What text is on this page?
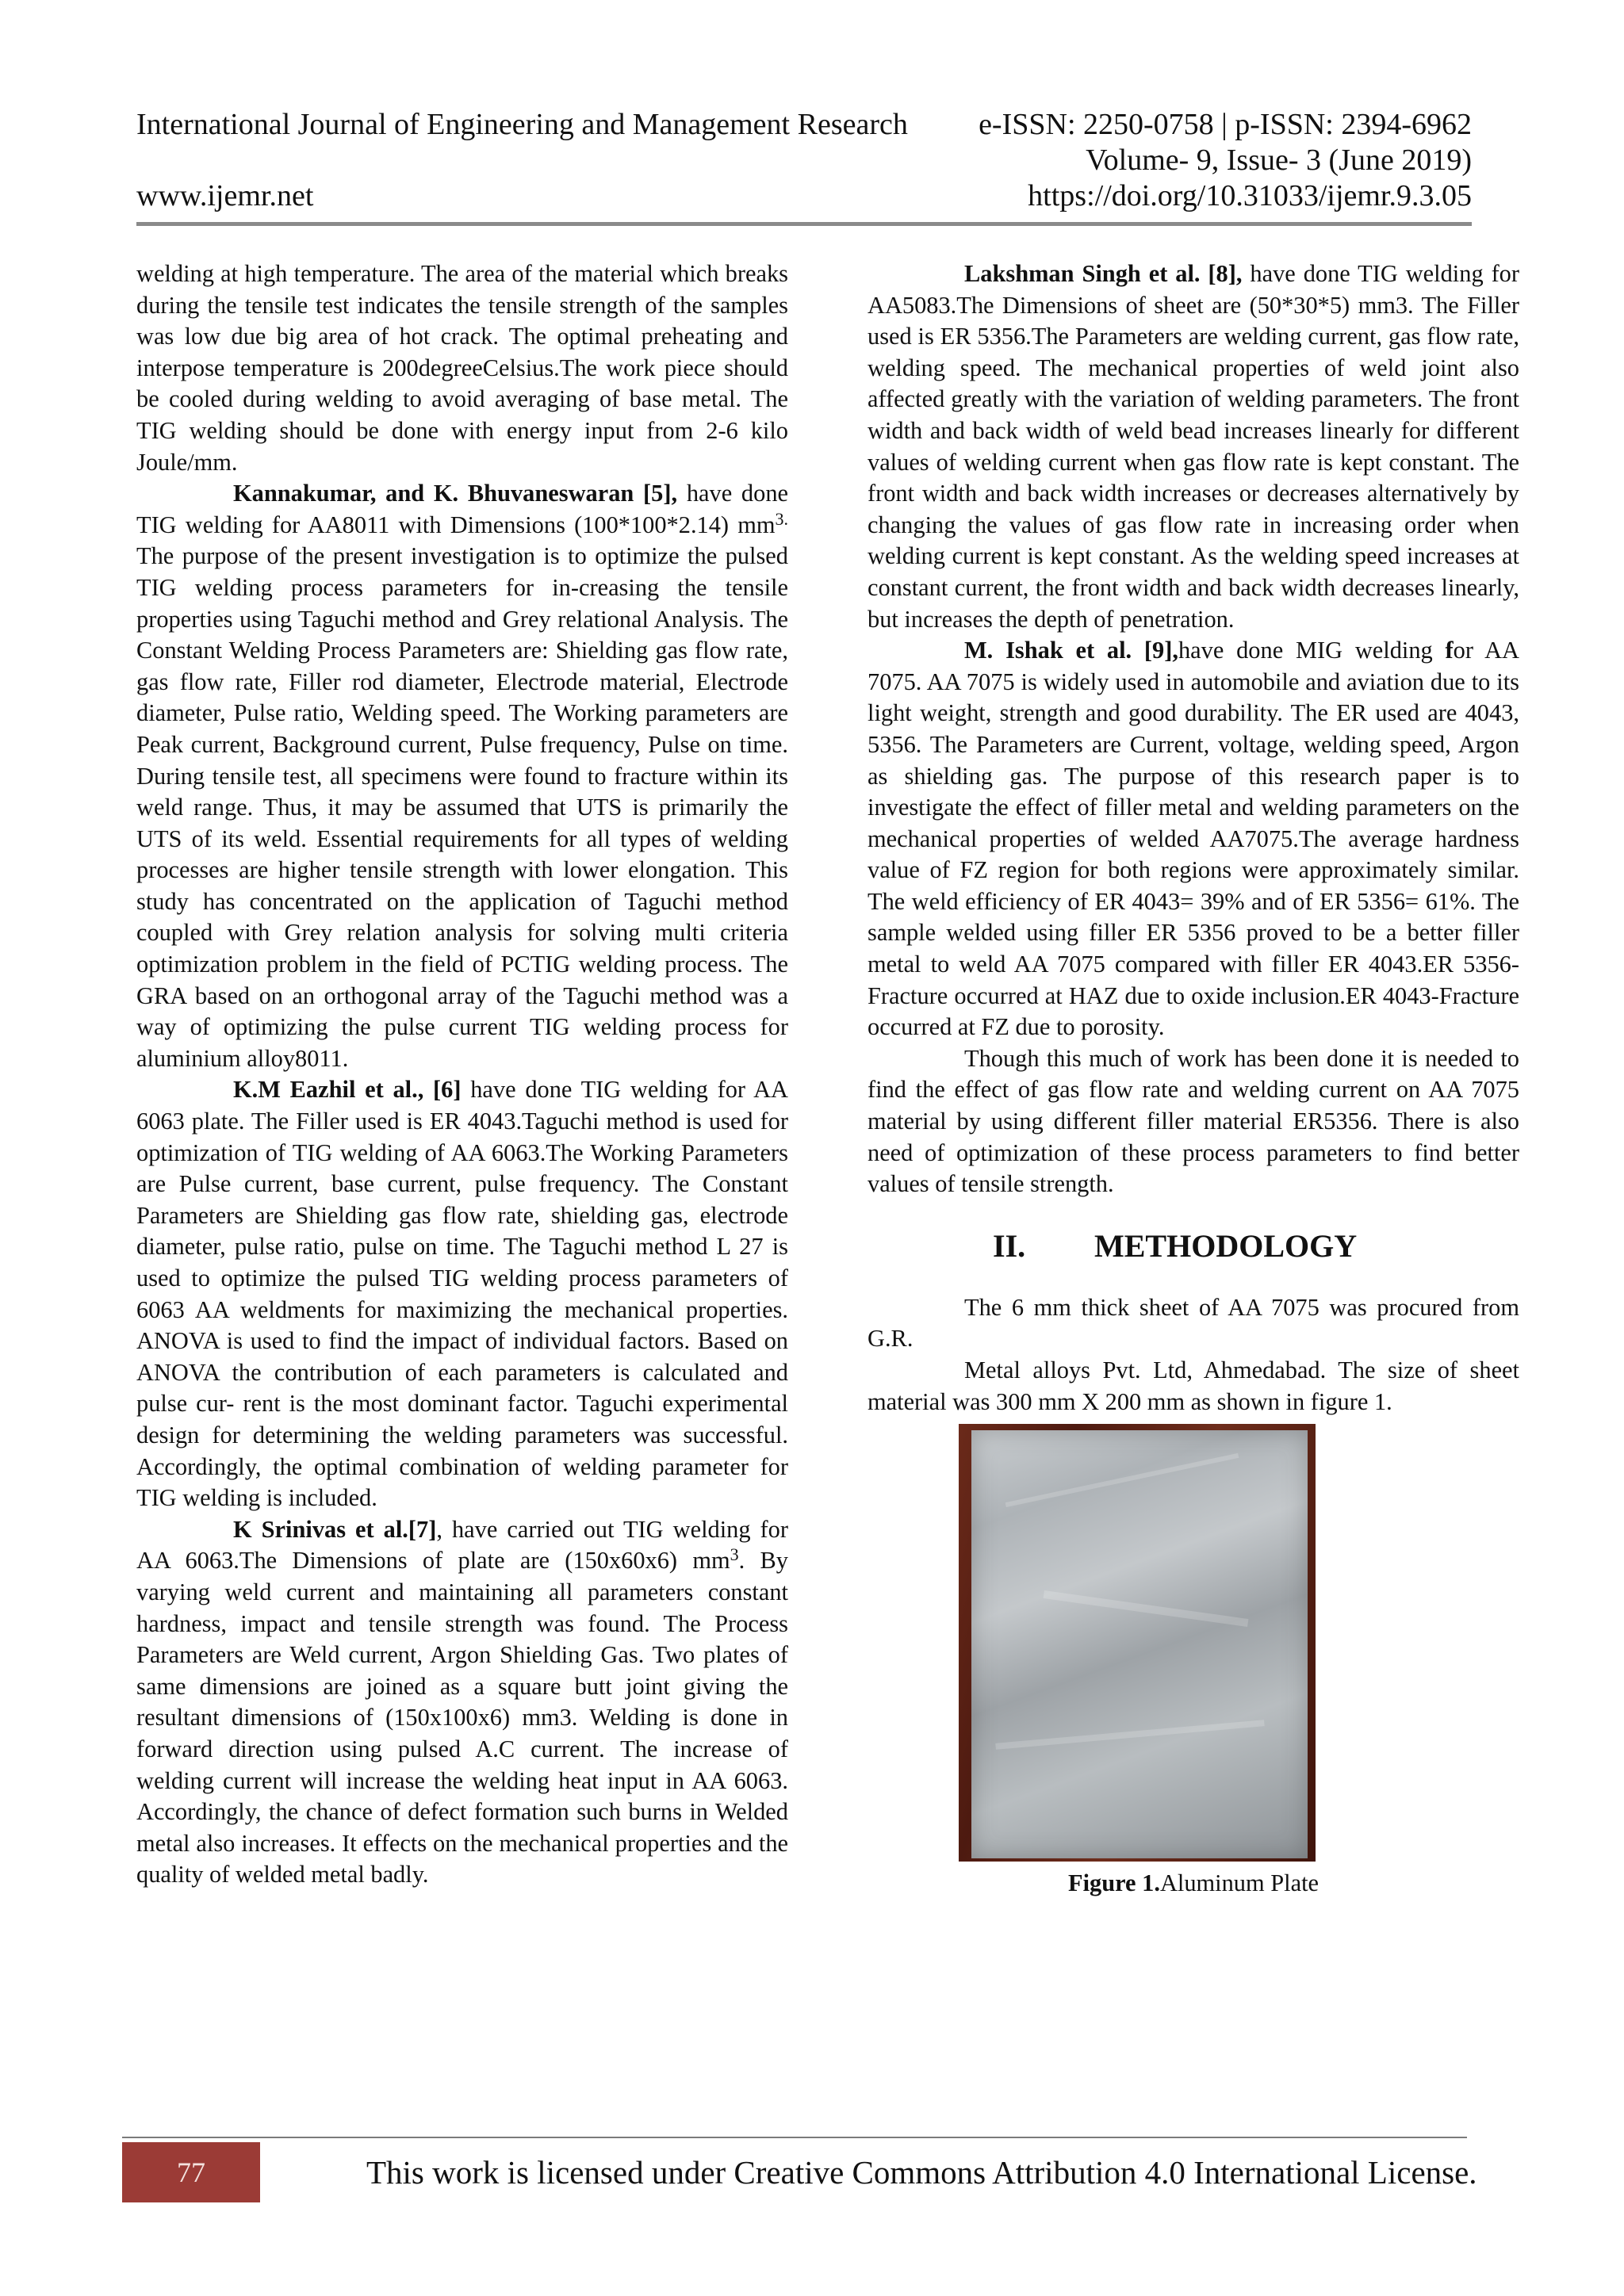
International Journal of Engineering and Management Research e-ISSN: 2250-0758 | p-ISSN: 2394-6962
Volume- 9, Issue- 3 (June 2019)
www.ijemr.net	https://doi.org/10.31033/ijemr.9.3.05

welding at high temperature. The area of the material which breaks during the tensile test indicates the tensile strength of the samples was low due big area of hot crack. The optimal preheating and interpose temperature is 200degreeCelsius.The work piece should be cooled during welding to avoid averaging of base metal. The TIG welding should be done with energy input from 2-6 kilo Joule/mm.

Kannakumar, and K. Bhuvaneswaran [5], have done TIG welding for AA8011 with Dimensions (100*100*2.14) $mm^{3.}$ The purpose of the present investigation is to optimize the pulsed TIG welding process parameters for in-creasing the tensile properties using Taguchi method and Grey relational Analysis. The Constant Welding Process Parameters are: Shielding gas flow rate, gas flow rate, Filler rod diameter, Electrode material, Electrode diameter, Pulse ratio, Welding speed. The Working parameters are Peak current, Background current, Pulse frequency, Pulse on time. During tensile test, all specimens were found to fracture within its weld range. Thus, it may be assumed that UTS is primarily the UTS of its weld. Essential requirements for all types of welding processes are higher tensile strength with lower elongation. This study has concentrated on the application of Taguchi method coupled with Grey relation analysis for solving multi criteria optimization problem in the field of PCTIG welding process. The GRA based on an orthogonal array of the Taguchi method was a way of optimizing the pulse current TIG welding process for aluminium alloy8011.

K.M Eazhil et al., [6] have done TIG welding for AA 6063 plate. The Filler used is ER 4043.Taguchi method is used for optimization of TIG welding of AA 6063.The Working Parameters are Pulse current, base current, pulse frequency. The Constant Parameters are Shielding gas flow rate, shielding gas, electrode diameter, pulse ratio, pulse on time. The Taguchi method L 27 is used to optimize the pulsed TIG welding process parameters of 6063 AA weldments for maximizing the mechanical properties. ANOVA is used to find the impact of individual factors. Based on ANOVA the contribution of each parameters is calculated and pulse cur- rent is the most dominant factor. Taguchi experimental design for determining the welding parameters was successful. Accordingly, the optimal combination of welding parameter for TIG welding is included.

K Srinivas et al.[7], have carried out TIG welding for AA 6063.The Dimensions of plate are (150x60x6) $mm^3$. By varying weld current and maintaining all parameters constant hardness, impact and tensile strength was found. The Process Parameters are Weld current, Argon Shielding Gas. Two plates of same dimensions are joined as a square butt joint giving the resultant dimensions of (150x100x6) mm3. Welding is done in forward direction using pulsed A.C current. The increase of welding current will increase the welding heat input in AA 6063. Accordingly, the chance of defect formation such burns in Welded metal also increases. It effects on the mechanical properties and the quality of welded metal badly.

Lakshman Singh et al. [8], have done TIG welding for AA5083.The Dimensions of sheet are (50*30*5) mm3. The Filler used is ER 5356.The Parameters are welding current, gas flow rate, welding speed. The mechanical properties of weld joint also affected greatly with the variation of welding parameters. The front width and back width of weld bead increases linearly for different values of welding current when gas flow rate is kept constant. The front width and back width increases or decreases alternatively by changing the values of gas flow rate in increasing order when welding current is kept constant. As the welding speed increases at constant current, the front width and back width decreases linearly, but increases the depth of penetration.

M. Ishak et al. [9],have done MIG welding for AA 7075. AA 7075 is widely used in automobile and aviation due to its light weight, strength and good durability. The ER used are 4043, 5356. The Parameters are Current, voltage, welding speed, Argon as shielding gas. The purpose of this research paper is to investigate the effect of filler metal and welding parameters on the mechanical properties of welded AA7075.The average hardness value of FZ region for both regions were approximately similar. The weld efficiency of ER 4043= 39% and of ER 5356= 61%. The sample welded using filler ER 5356 proved to be a better filler metal to weld AA 7075 compared with filler ER 4043.ER 5356-Fracture occurred at HAZ due to oxide inclusion.ER 4043-Fracture occurred at FZ due to porosity.

Though this much of work has been done it is needed to find the effect of gas flow rate and welding current on AA 7075 material by using different filler material ER5356. There is also need of optimization of these process parameters to find better values of tensile strength.

II. METHODOLOGY

The 6 mm thick sheet of AA 7075 was procured from G.R.

Metal alloys Pvt. Ltd, Ahmedabad. The size of sheet material was 300 mm X 200 mm as shown in figure 1.

Figure 1.Aluminum Plate
77	This work is licensed under Creative Commons Attribution 4.0 International License.
